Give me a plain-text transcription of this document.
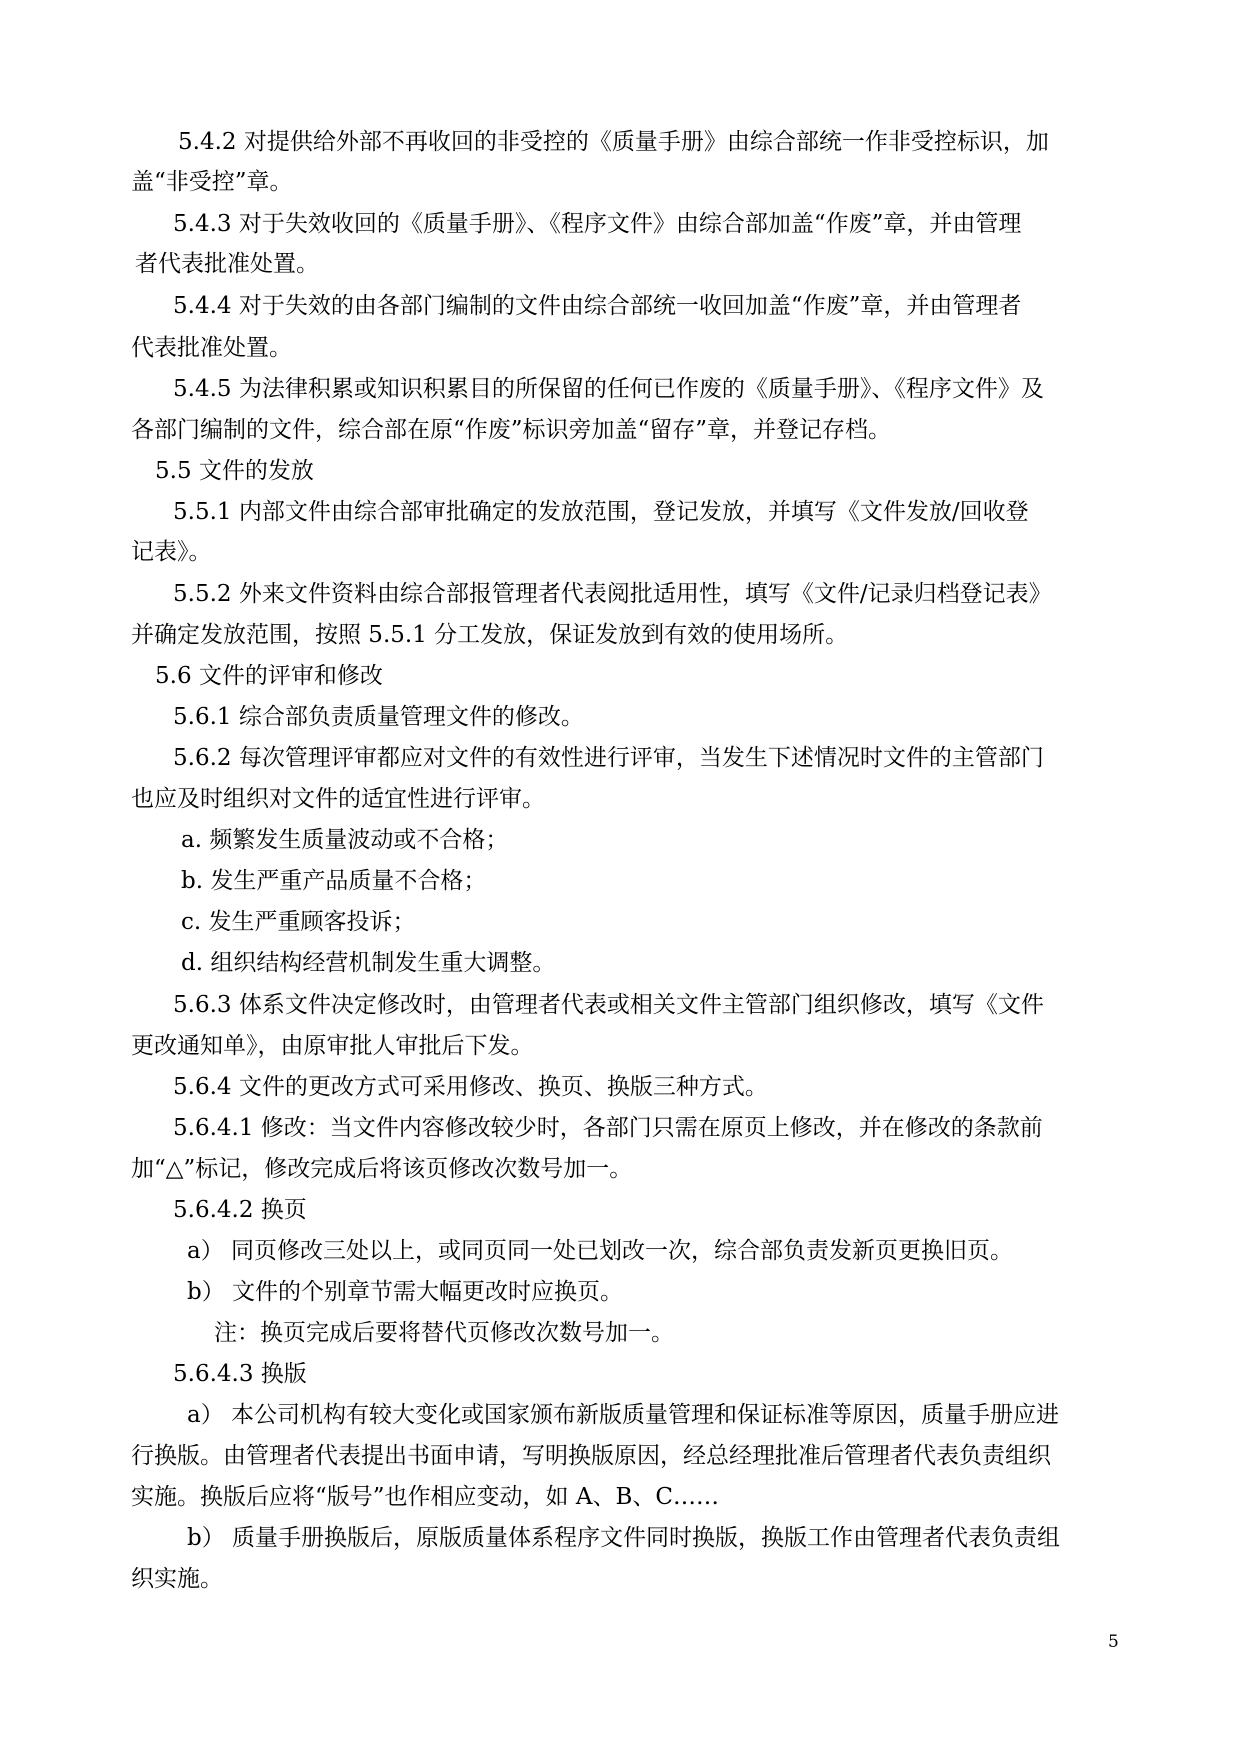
5.4.2 对提供给外部不再收回的非受控的《质量手册》由综合部统一作非受控标识，加
盖“非受控”章。
5.4.3 对于失效收回的《质量手册》、《程序文件》由综合部加盖“作废”章，并由管理
者代表批准处置。
5.4.4 对于失效的由各部门编制的文件由综合部统一收回加盖“作废”章，并由管理者
代表批准处置。
5.4.5 为法律积累或知识积累目的所保留的任何已作废的《质量手册》、《程序文件》及
各部门编制的文件，综合部在原“作废”标识旁加盖“留存”章，并登记存档。
5.5 文件的发放
5.5.1 内部文件由综合部审批确定的发放范围，登记发放，并填写《文件发放/回收登
记表》。
5.5.2 外来文件资料由综合部报管理者代表阅批适用性，填写《文件/记录归档登记表》
并确定发放范围，按照 5.5.1 分工发放，保证发放到有效的使用场所。
5.6 文件的评审和修改
5.6.1 综合部负责质量管理文件的修改。
5.6.2 每次管理评审都应对文件的有效性进行评审，当发生下述情况时文件的主管部门
也应及时组织对文件的适宜性进行评审。
a. 频繁发生质量波动或不合格；
b. 发生严重产品质量不合格；
c. 发生严重顾客投诉；
d. 组织结构经营机制发生重大调整。
5.6.3 体系文件决定修改时，由管理者代表或相关文件主管部门组织修改，填写《文件
更改通知单》，由原审批人审批后下发。
5.6.4 文件的更改方式可采用修改、换页、换版三种方式。
5.6.4.1 修改：当文件内容修改较少时，各部门只需在原页上修改，并在修改的条款前
加“△”标记，修改完成后将该页修改次数号加一。
5.6.4.2 换页
a） 同页修改三处以上，或同页同一处已划改一次，综合部负责发新页更换旧页。
b） 文件的个别章节需大幅更改时应换页。
注：换页完成后要将替代页修改次数号加一。
5.6.4.3 换版
a） 本公司机构有较大变化或国家颁布新版质量管理和保证标准等原因，质量手册应进
行换版。由管理者代表提出书面申请，写明换版原因，经总经理批准后管理者代表负责组织
实施。换版后应将“版号”也作相应变动，如 A、B、C……
b） 质量手册换版后，原版质量体系程序文件同时换版，换版工作由管理者代表负责组
织实施。
5
